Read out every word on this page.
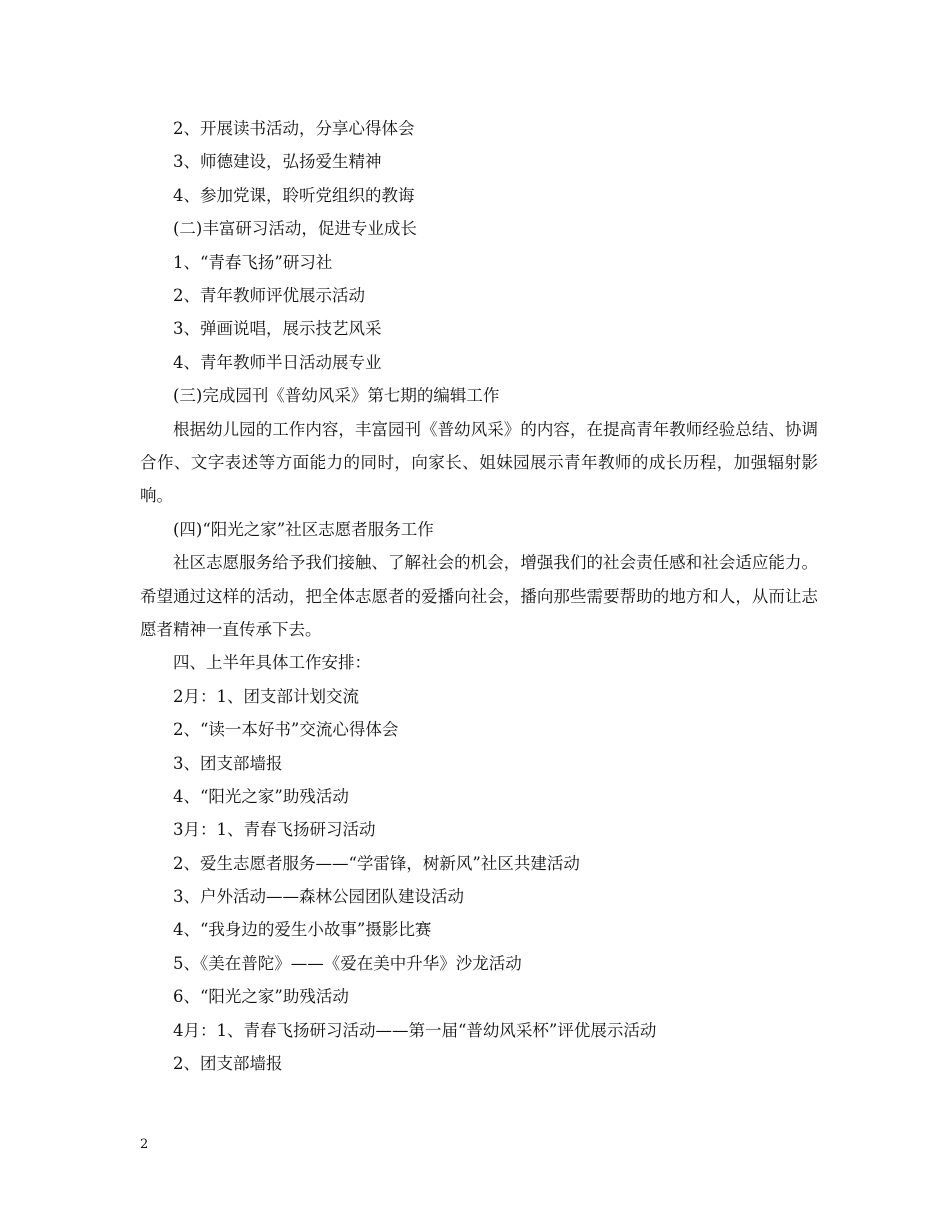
2、开展读书活动，分享心得体会
3、师德建设，弘扬爱生精神
4、参加党课，聆听党组织的教诲
(二)丰富研习活动，促进专业成长
1、“青春飞扬”研习社
2、青年教师评优展示活动
3、弹画说唱，展示技艺风采
4、青年教师半日活动展专业
(三)完成园刊《普幼风采》第七期的编辑工作

根据幼儿园的工作内容，丰富园刊《普幼风采》的内容，在提高青年教师经验总结、协调合作、文字表述等方面能力的同时，向家长、姐妹园展示青年教师的成长历程，加强辐射影响。

(四)“阳光之家”社区志愿者服务工作

社区志愿服务给予我们接触、了解社会的机会，增强我们的社会责任感和社会适应能力。希望通过这样的活动，把全体志愿者的爱播向社会，播向那些需要帮助的地方和人，从而让志愿者精神一直传承下去。

四、上半年具体工作安排：
2月：1、团支部计划交流
2、“读一本好书”交流心得体会
3、团支部墙报
4、“阳光之家”助残活动
3月：1、青春飞扬研习活动
2、爱生志愿者服务——“学雷锋，树新风”社区共建活动
3、户外活动——森林公园团队建设活动
4、“我身边的爱生小故事”摄影比赛
5、《美在普陀》——《爱在美中升华》沙龙活动
6、“阳光之家”助残活动
4月：1、青春飞扬研习活动——第一届“普幼风采杯”评优展示活动
2、团支部墙报
2
